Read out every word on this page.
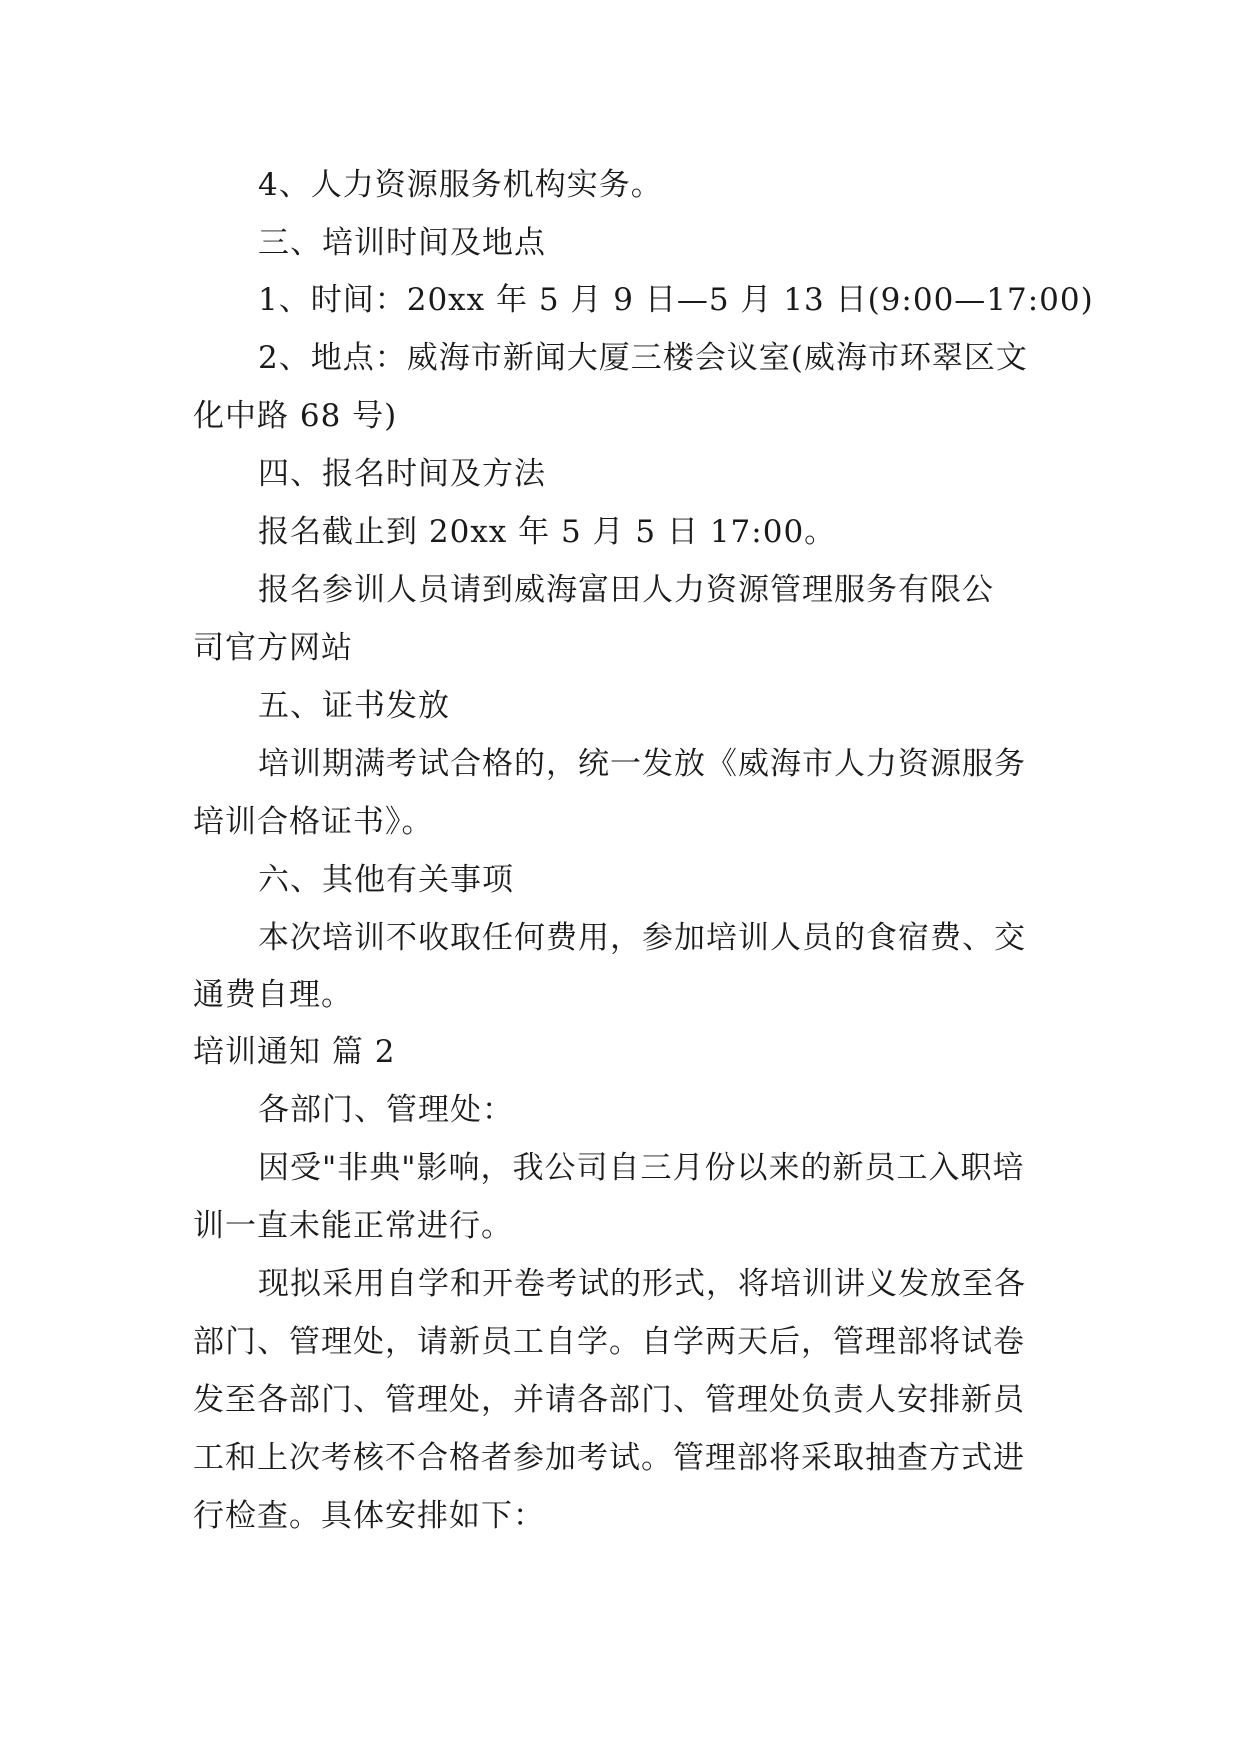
4、人力资源服务机构实务。
三、培训时间及地点
1、时间：20xx 年 5 月 9 日—5 月 13 日(9:00—17:00)
2、地点：威海市新闻大厦三楼会议室(威海市环翠区文
化中路 68 号)
四、报名时间及方法
报名截止到 20xx 年 5 月 5 日 17:00。
报名参训人员请到威海富田人力资源管理服务有限公
司官方网站
五、证书发放
培训期满考试合格的，统一发放《威海市人力资源服务
培训合格证书》。
六、其他有关事项
本次培训不收取任何费用，参加培训人员的食宿费、交
通费自理。
培训通知 篇 2
各部门、管理处：
因受"非典"影响，我公司自三月份以来的新员工入职培
训一直未能正常进行。
现拟采用自学和开卷考试的形式，将培训讲义发放至各
部门、管理处，请新员工自学。自学两天后，管理部将试卷
发至各部门、管理处，并请各部门、管理处负责人安排新员
工和上次考核不合格者参加考试。管理部将采取抽查方式进
行检查。具体安排如下：
